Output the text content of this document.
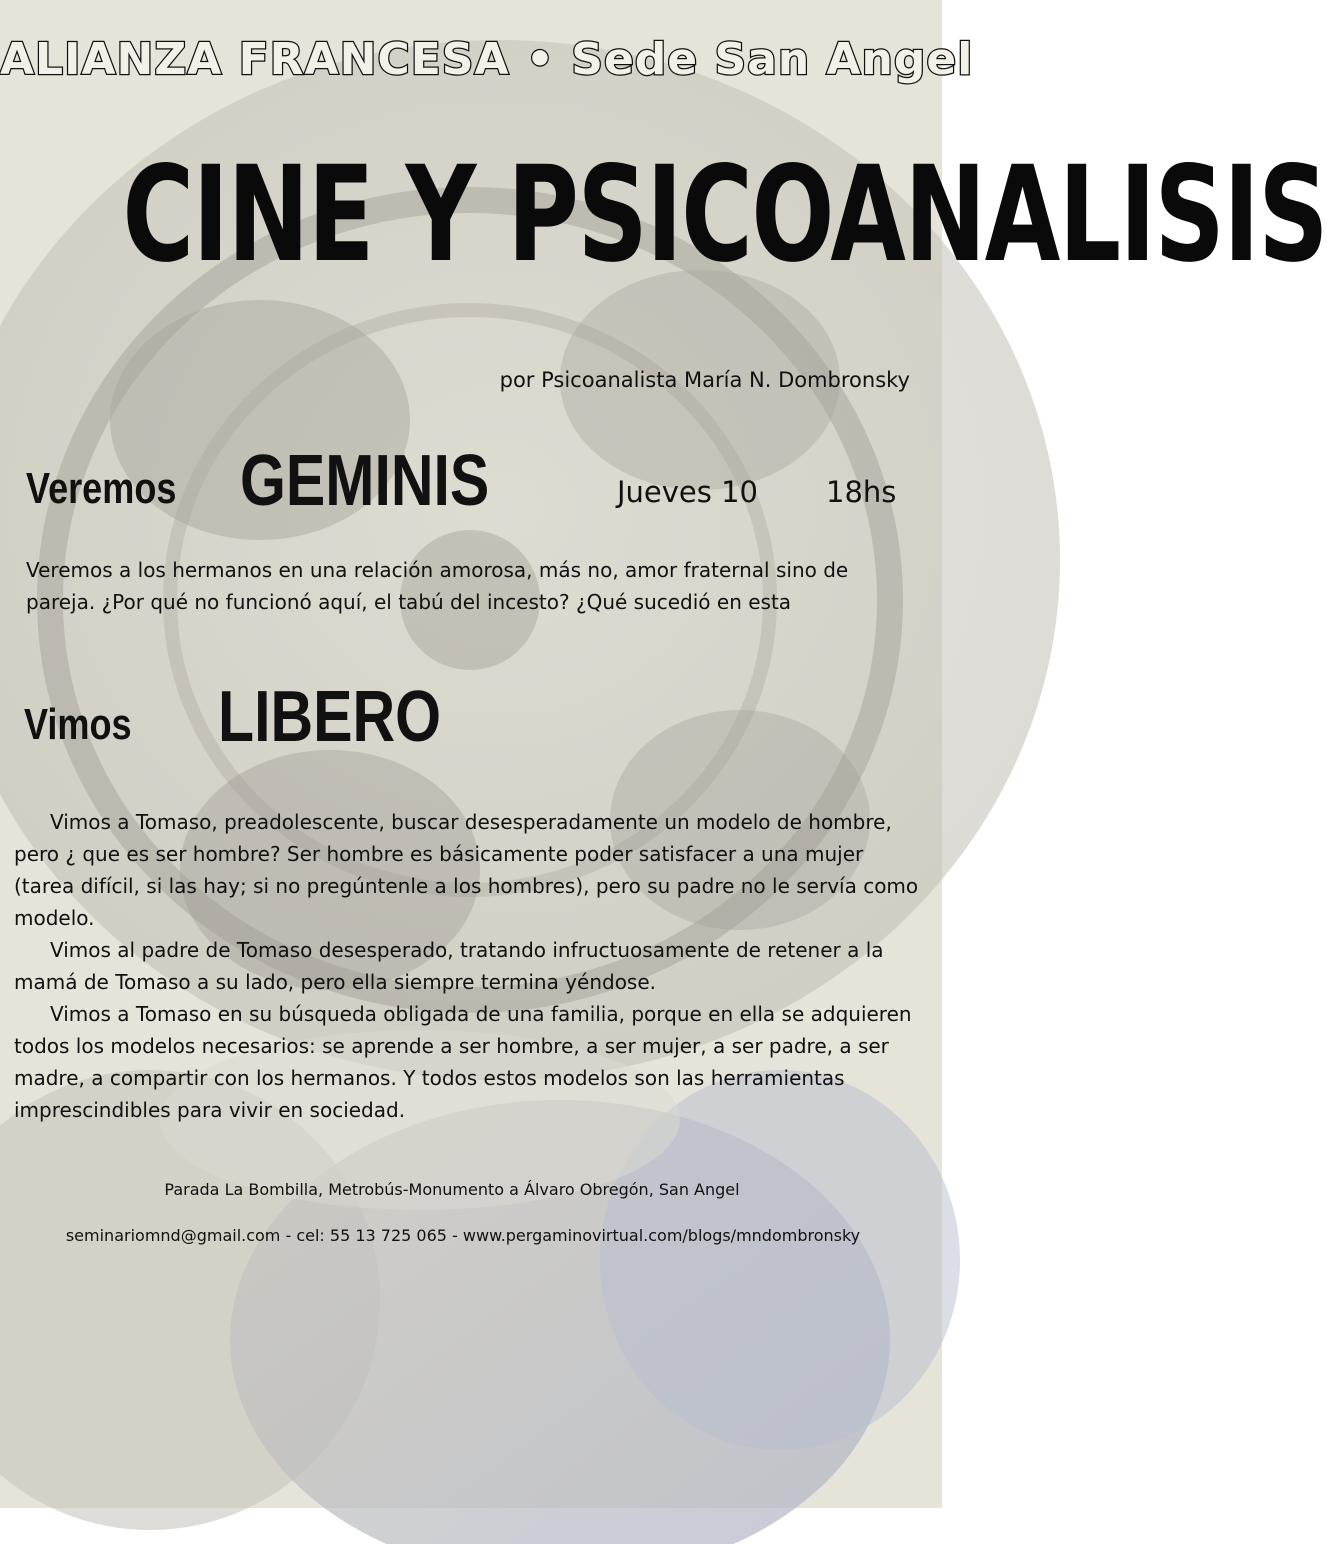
ALIANZA FRANCESA • Sede San Angel
CINE Y PSICOANALISIS
por Psicoanalista María N. Dombronsky
Veremos GEMINIS	Jueves 10 18hs
Veremos a los hermanos en una relación amorosa, más no, amor fraternal sino de pareja. ¿Por qué no funcionó aquí, el tabú del incesto? ¿Qué sucedió en esta
Vimos LIBERO

Vimos a Tomaso, preadolescente, buscar desesperadamente un modelo de hombre, pero ¿ que es ser hombre? Ser hombre es básicamente poder satisfacer a una mujer (tarea difícil, si las hay; si no pregúntenle a los hombres), pero su padre no le servía como modelo.

Vimos al padre de Tomaso desesperado, tratando infructuosamente de retener a la mamá de Tomaso a su lado, pero ella siempre termina yéndose.

Vimos a Tomaso en su búsqueda obligada de una familia, porque en ella se adquieren todos los modelos necesarios: se aprende a ser hombre, a ser mujer, a ser padre, a ser madre, a compartir con los hermanos. Y todos estos modelos son las herramientas imprescindibles para vivir en sociedad.

Parada La Bombilla, Metrobús-Monumento a Álvaro Obregón, San Angel
seminariomnd@gmail.com - cel: 55 13 725 065 - www.pergaminovirtual.com/blogs/mndombronsky
